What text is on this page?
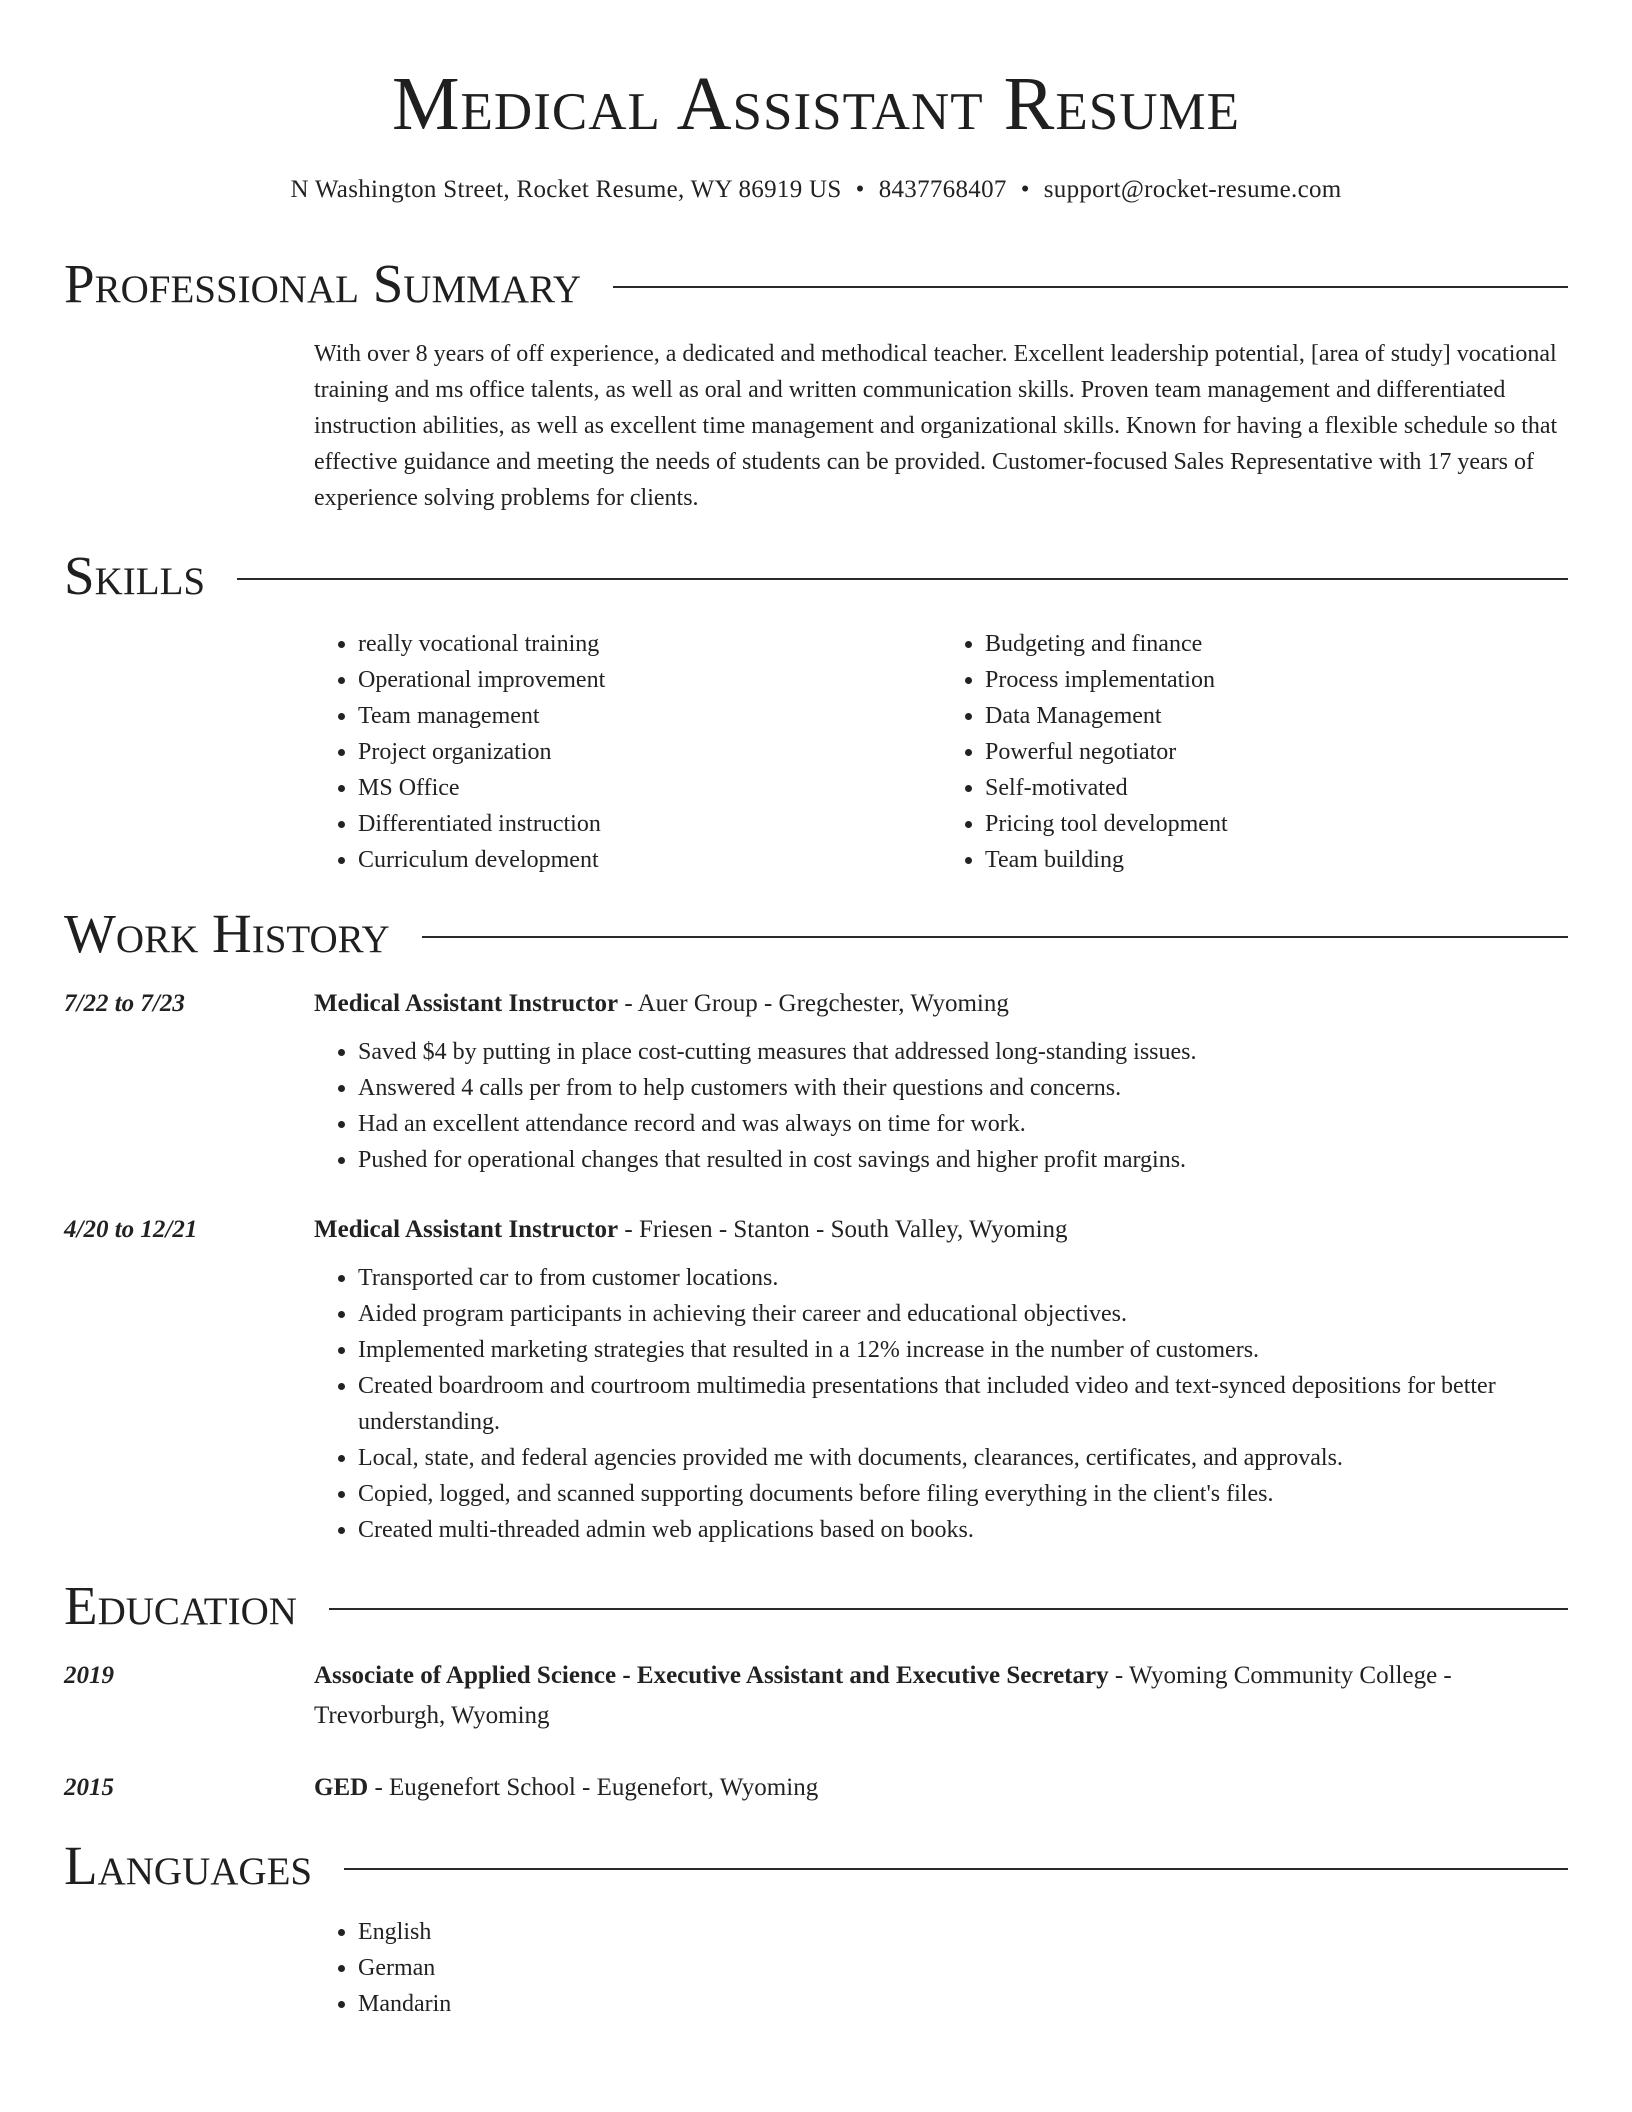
Medical Assistant Resume
N Washington Street, Rocket Resume, WY 86919 US • 8437768407 • support@rocket-resume.com
Professional Summary
With over 8 years of off experience, a dedicated and methodical teacher. Excellent leadership potential, [area of study] vocational training and ms office talents, as well as oral and written communication skills. Proven team management and differentiated instruction abilities, as well as excellent time management and organizational skills. Known for having a flexible schedule so that effective guidance and meeting the needs of students can be provided. Customer-focused Sales Representative with 17 years of experience solving problems for clients.
Skills
• really vocational training
• Operational improvement
• Team management
• Project organization
• MS Office
• Differentiated instruction
• Curriculum development
• Budgeting and finance
• Process implementation
• Data Management
• Powerful negotiator
• Self-motivated
• Pricing tool development
• Team building
Work History
7/22 to 7/23	Medical Assistant Instructor - Auer Group - Gregchester, Wyoming
• Saved $4 by putting in place cost-cutting measures that addressed long-standing issues.
• Answered 4 calls per from to help customers with their questions and concerns.
• Had an excellent attendance record and was always on time for work.
• Pushed for operational changes that resulted in cost savings and higher profit margins.
4/20 to 12/21	Medical Assistant Instructor - Friesen - Stanton - South Valley, Wyoming
• Transported car to from customer locations.
• Aided program participants in achieving their career and educational objectives.
• Implemented marketing strategies that resulted in a 12% increase in the number of customers.
• Created boardroom and courtroom multimedia presentations that included video and text-synced depositions for better understanding.
• Local, state, and federal agencies provided me with documents, clearances, certificates, and approvals.
• Copied, logged, and scanned supporting documents before filing everything in the client's files.
• Created multi-threaded admin web applications based on books.
Education
2019	Associate of Applied Science - Executive Assistant and Executive Secretary - Wyoming Community College - Trevorburgh, Wyoming
2015	GED - Eugenefort School - Eugenefort, Wyoming
Languages
• English
• German
• Mandarin
